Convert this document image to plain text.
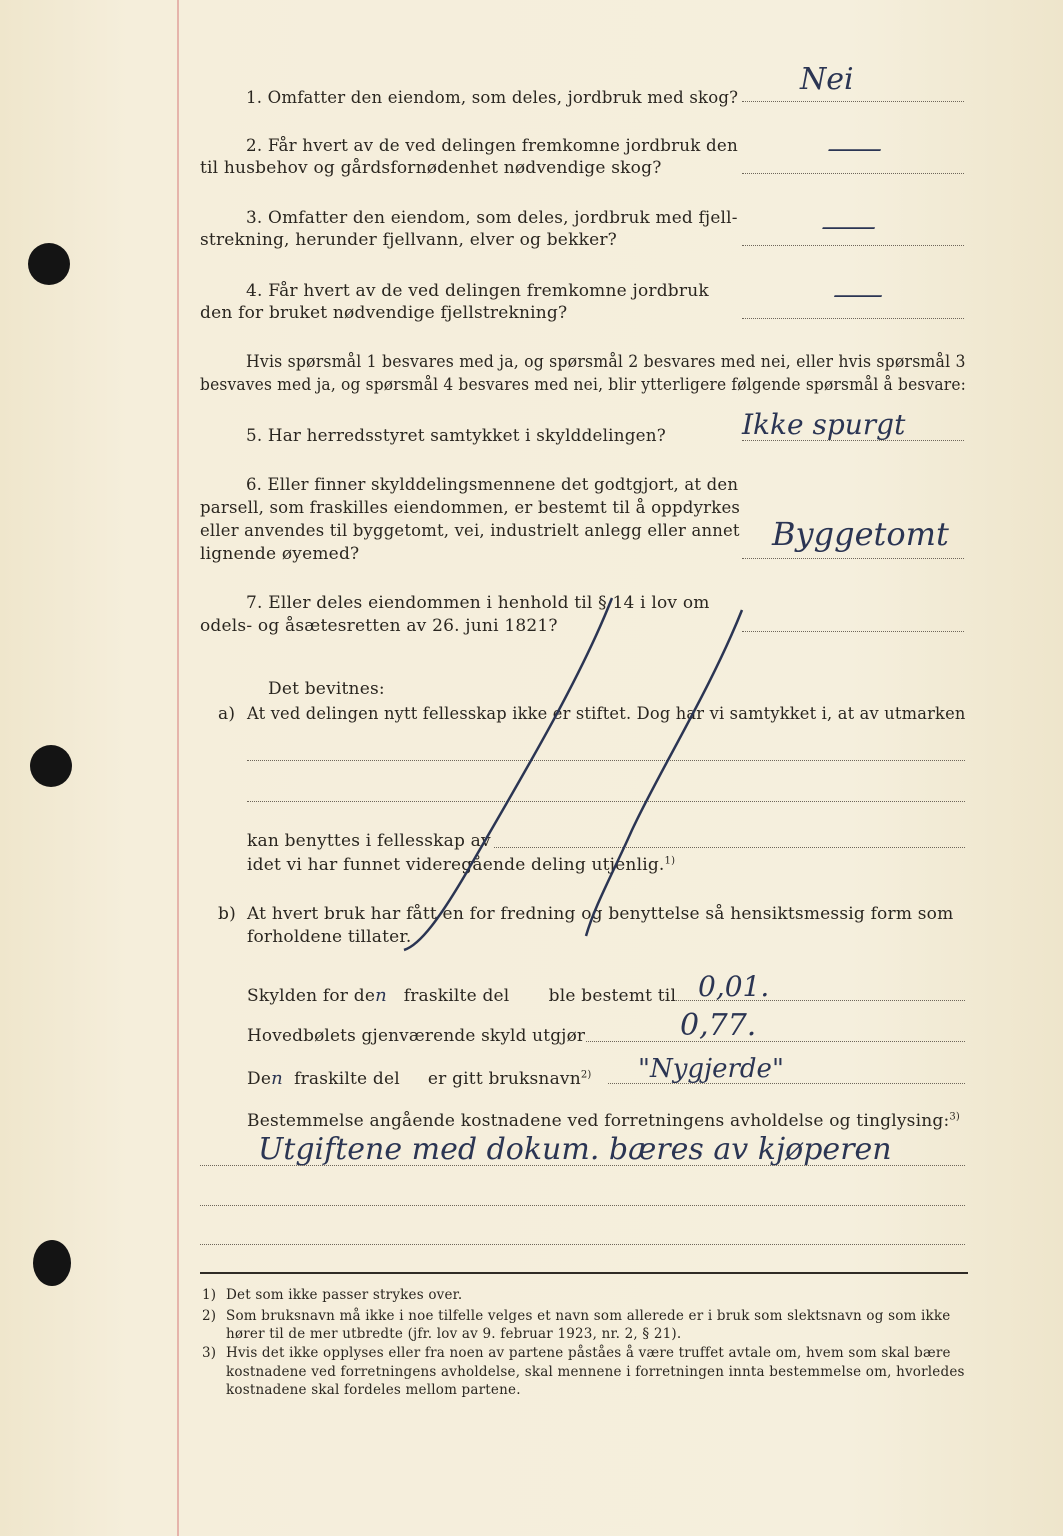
1. Omfatter den eiendom, som deles, jordbruk med skog?
Nei
2. Får hvert av de ved delingen fremkomne jordbruk den
til husbehov og gårdsfornødenhet nødvendige skog?
—
3. Omfatter den eiendom, som deles, jordbruk med fjell-
strekning, herunder fjellvann, elver og bekker?	—
4. Får hvert av de ved delingen fremkomne jordbruk
den for bruket nødvendige fjellstrekning?
—
Hvis spørsmål 1 besvares med ja, og spørsmål 2 besvares med nei, eller hvis spørsmål 3
besvaves med ja, og spørsmål 4 besvares med nei, blir ytterligere følgende spørsmål å besvare:
5. Har herredsstyret samtykket i skylddelingen?	Ikke spurgt
6. Eller finner skylddelingsmennene det godtgjort, at den
parsell, som fraskilles eiendommen, er bestemt til å oppdyrkes
eller anvendes til byggetomt, vei, industrielt anlegg eller annet
lignende øyemed?
Byggetomt
7. Eller deles eiendommen i henhold til § 14 i lov om
odels- og åsætesretten av 26. juni 1821?
Det bevitnes:
a) At ved delingen nytt fellesskap ikke er stiftet. Dog har vi samtykket i, at av utmarken
kan benyttes i fellesskap av
idet vi har funnet videregående deling utjenlig.$^{1)}$
b) At hvert bruk har fått en for fredning og benyttelse så hensiktsmessig form som
forholdene tillater.
Skylden for den fraskilte del ble bestemt til 0,01.
Hovedbølets gjenværende skyld utgjør	0,77.
Den fraskilte del er gitt bruksnavn$^{2)}$ "Nygjerde"
Bestemmelse angående kostnadene ved forretningens avholdelse og tinglysing:$^{3)}$
Utgiftene med dokum. bæres av kjøperen
1) Det som ikke passer strykes over.
2) Som bruksnavn må ikke i noe tilfelle velges et navn som allerede er i bruk som slektsnavn og som ikke
hører til de mer utbredte (jfr. lov av 9. februar 1923, nr. 2, § 21).
3) Hvis det ikke opplyses eller fra noen av partene påståes å være truffet avtale om, hvem som skal bære
kostnadene ved forretningens avholdelse, skal mennene i forretningen innta bestemmelse om, hvorledes
kostnadene skal fordeles mellom partene.
